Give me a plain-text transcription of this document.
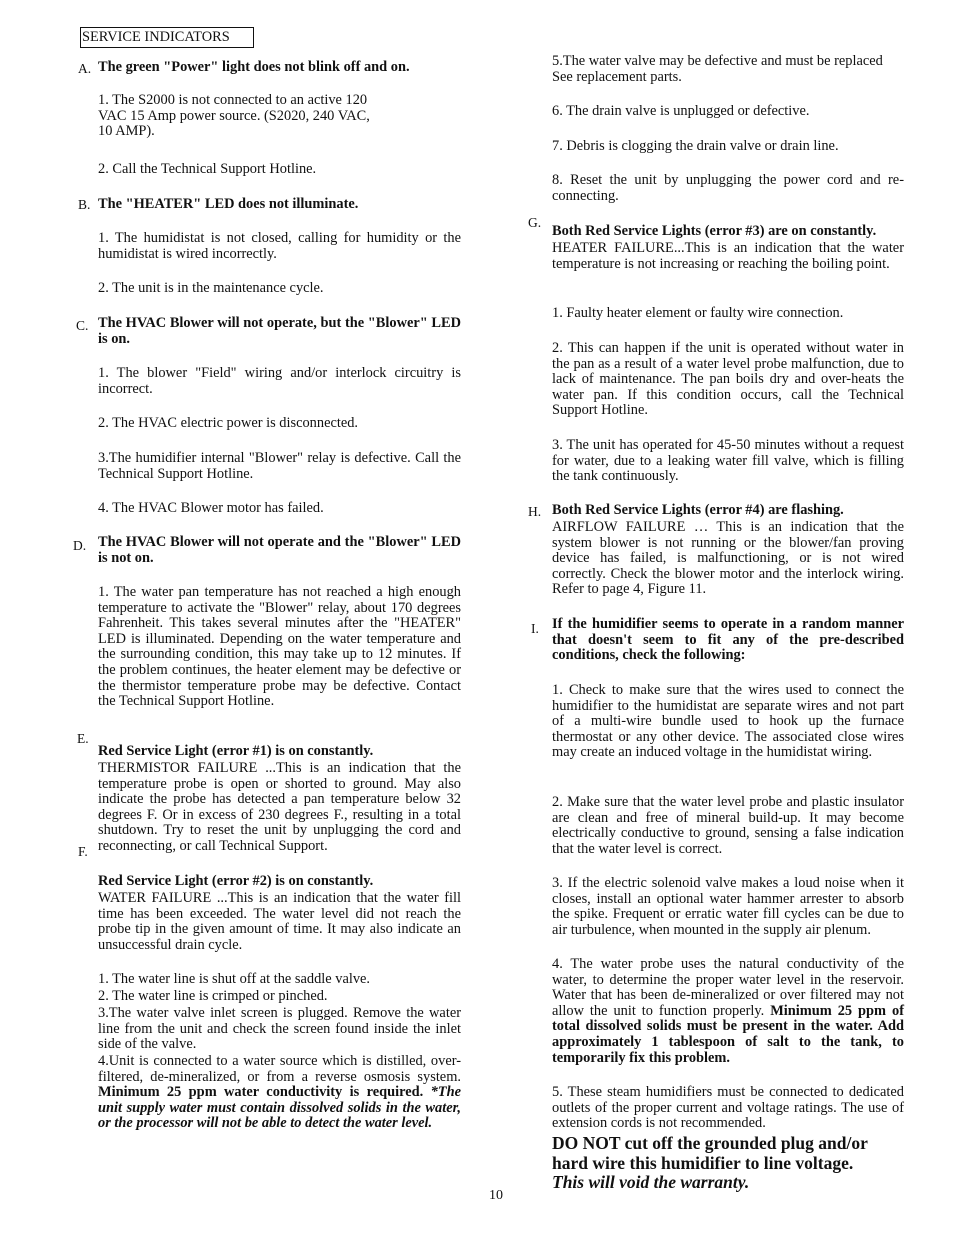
SERVICE INDICATORS
A.
B.
C.
D.
E.
F.
G.
H.
I.
The green "Power" light does not blink off and on.
1. The S2000 is not connected to an active 120
VAC 15 Amp power source. (S2020, 240 VAC,
10 AMP).
2. Call the Technical Support Hotline.
The "HEATER" LED does not illuminate.
1. The humidistat is not closed, calling for humidity or the humidistat is wired incorrectly.
2. The unit is in the maintenance cycle.
The HVAC Blower will not operate, but the "Blower" LED is on.
1. The blower "Field" wiring and/or interlock circuitry is incorrect.
2. The HVAC electric power is disconnected.
3.The humidifier internal "Blower" relay is defective. Call the Technical Support Hotline.
4. The HVAC Blower motor has failed.
The HVAC Blower will not operate and the "Blower" LED is not on.
1. The water pan temperature has not reached a high enough temperature to activate the "Blower" relay, about 170 degrees Fahrenheit. This takes several minutes after the "HEATER" LED is illuminated. Depending on the water temperature and the surrounding condition, this may take up to 12 minutes. If the problem continues, the heater element may be defective or the thermistor temperature probe may be defective. Contact the Technical Support Hotline.
Red Service Light (error #1) is on constantly.
THERMISTOR FAILURE ...This is an indication that the temperature probe is open or shorted to ground. May also indicate the probe has detected a pan temperature below 32 degrees F. Or in excess of 230 degrees F., resulting in a total shutdown. Try to reset the unit by unplugging the cord and reconnecting, or call Technical Support.
Red Service Light (error #2) is on constantly.
WATER FAILURE ...This is an indication that the water fill time has been exceeded. The water level did not reach the probe tip in the given amount of time. It may also indicate an unsuccessful drain cycle.
1. The water line is shut off at the saddle valve.
2. The water line is crimped or pinched.
3.The water valve inlet screen is plugged. Remove the water line from the unit and check the screen found inside the inlet side of the valve.
4.Unit is connected to a water source which is distilled, over-filtered, de-mineralized, or from a reverse osmosis system. Minimum 25 ppm water conductivity is required. *The unit supply water must contain dissolved solids in the water, or the processor will not be able to detect the water level.
5.The water valve may be defective and must be replaced See replacement parts.
6. The drain valve is unplugged or defective.
7. Debris is clogging the drain valve or drain line.
8. Reset the unit by unplugging the power cord and re-connecting.
Both Red Service Lights (error #3) are on constantly.
HEATER FAILURE...This is an indication that the water temperature is not increasing or reaching the boiling point.
1. Faulty heater element or faulty wire connection.
2. This can happen if the unit is operated without water in the pan as a result of a water level probe malfunction, due to lack of maintenance. The pan boils dry and over-heats the water pan. If this condition occurs, call the Technical Support Hotline.
3. The unit has operated for 45-50 minutes without a request for water, due to a leaking water fill valve, which is filling the tank continuously.
Both Red Service Lights (error #4) are flashing.
AIRFLOW FAILURE … This is an indication that the system blower is not running or the blower/fan proving device has failed, is malfunctioning, or is not wired correctly. Check the blower motor and the interlock wiring. Refer to page 4, Figure 11.
If the humidifier seems to operate in a random manner that doesn't seem to fit any of the pre-described conditions, check the following:
1. Check to make sure that the wires used to connect the humidifier to the humidistat are separate wires and not part of a multi-wire bundle used to hook up the furnace thermostat or any other device. The associated close wires may create an induced voltage in the humidistat wiring.
2. Make sure that the water level probe and plastic insulator are clean and free of mineral build-up. It may become electrically conductive to ground, sensing a false indication that the water level is correct.
3. If the electric solenoid valve makes a loud noise when it closes, install an optional water hammer arrester to absorb the spike. Frequent or erratic water fill cycles can be due to air turbulence, when mounted in the supply air plenum.
4. The water probe uses the natural conductivity of the water, to determine the proper water level in the reservoir. Water that has been de-mineralized or over filtered may not allow the unit to function properly. Minimum 25 ppm of total dissolved solids must be present in the water. Add approximately 1 tablespoon of salt to the tank, to temporarily fix this problem.
5. These steam humidifiers must be connected to dedicated outlets of the proper current and voltage ratings. The use of extension cords is not recommended.
DO NOT cut off the grounded plug and/or hard wire this humidifier to line voltage.
This will void the warranty.
10
